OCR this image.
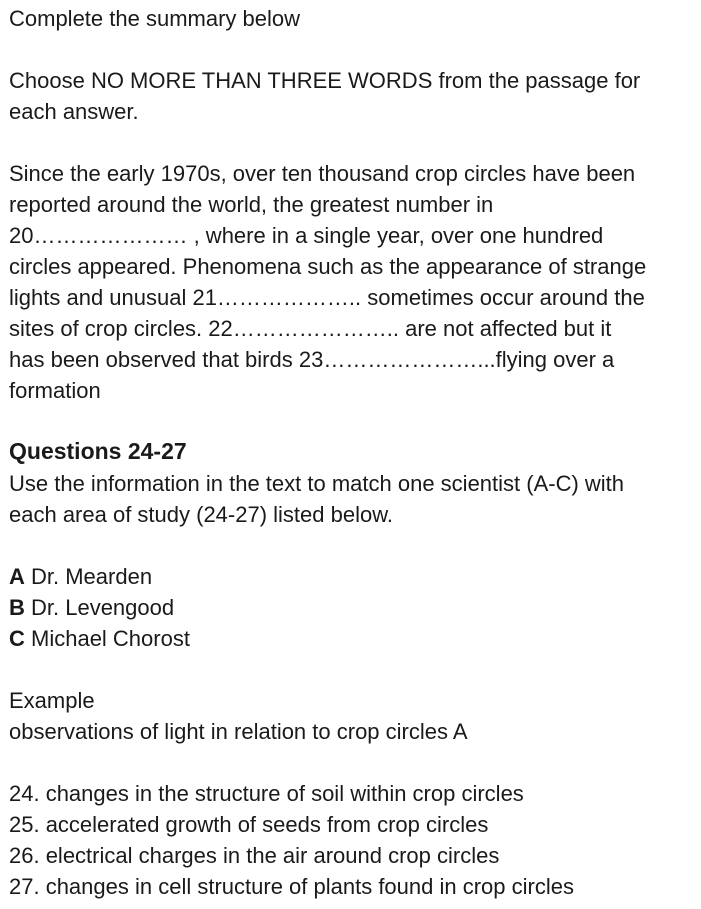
Complete the summary below
Choose NO MORE THAN THREE WORDS from the passage for
each answer.
Since the early 1970s, over ten thousand crop circles have been
reported around the world, the greatest number in
20………………… , where in a single year, over one hundred
circles appeared. Phenomena such as the appearance of strange
lights and unusual 21……………….. sometimes occur around the
sites of crop circles. 22………………….. are not affected but it
has been observed that birds 23…………………...flying over a
formation
Questions 24-27
Use the information in the text to match one scientist (A-C) with
each area of study (24-27) listed below.
A Dr. Mearden
B Dr. Levengood
C Michael Chorost
Example
observations of light in relation to crop circles A
24. changes in the structure of soil within crop circles
25. accelerated growth of seeds from crop circles
26. electrical charges in the air around crop circles
27. changes in cell structure of plants found in crop circles
